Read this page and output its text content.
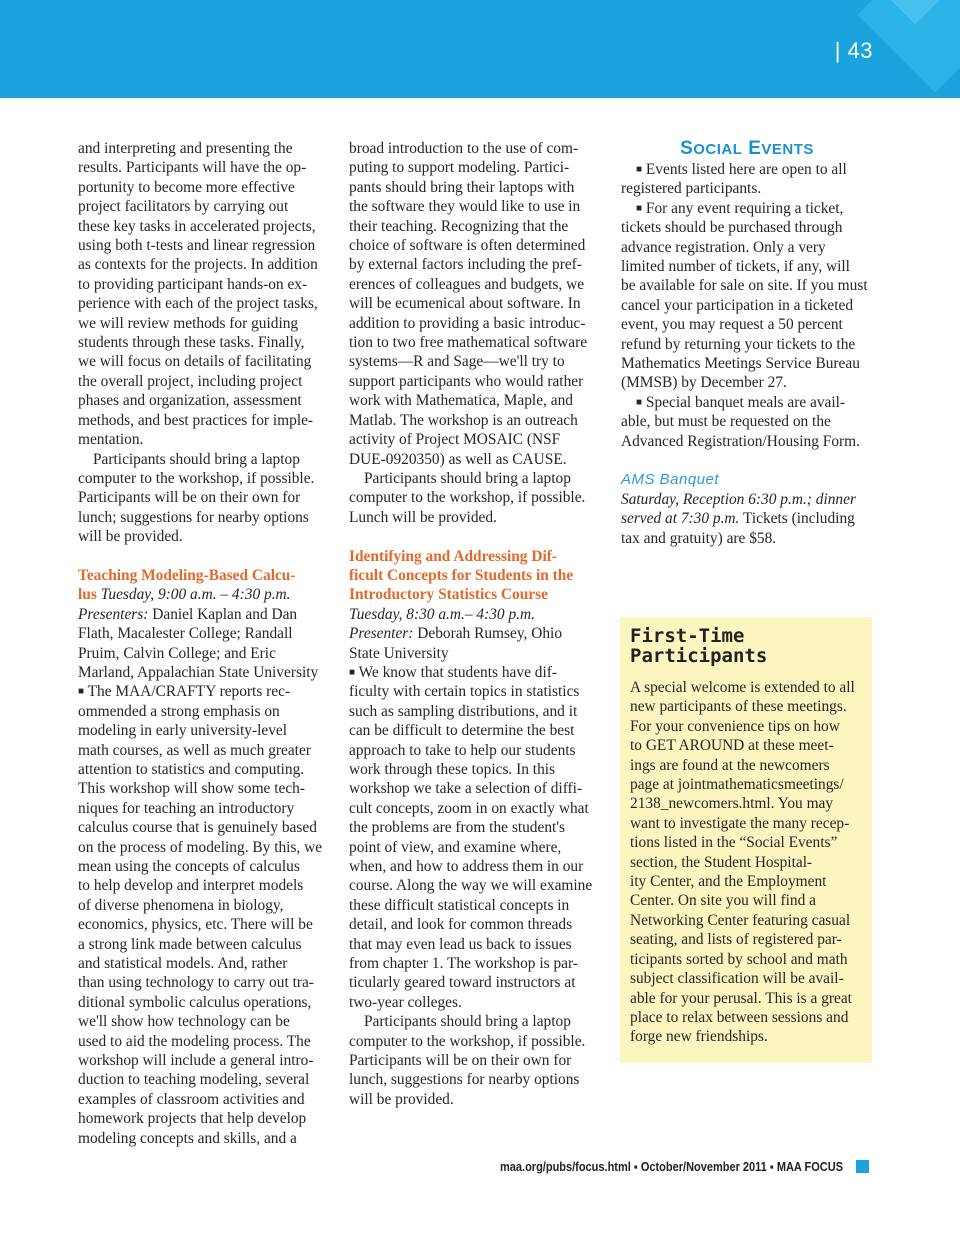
| 43

and interpreting and presenting the

results. Participants will have the op-

portunity to become more effective

project facilitators by carrying out

these key tasks in accelerated projects,

using both t-tests and linear regression

as contexts for the projects. In addition

to providing participant hands-on ex-

perience with each of the project tasks,

we will review methods for guiding

students through these tasks. Finally,

we will focus on details of facilitating

the overall project, including project

phases and organization, assessment

methods, and best practices for imple-

mentation.

Participants should bring a laptop

computer to the workshop, if possible.

Participants will be on their own for

lunch; suggestions for nearby options

will be provided.

Teaching Modeling-Based Calcu-

lus Tuesday, 9:00 a.m. – 4:30 p.m.

Presenters: Daniel Kaplan and Dan

Flath, Macalester College; Randall

Pruim, Calvin College; and Eric

Marland, Appalachian State University

■ The MAA/CRAFTY reports rec-

ommended a strong emphasis on

modeling in early university-level

math courses, as well as much greater

attention to statistics and computing.

This workshop will show some tech-

niques for teaching an introductory

calculus course that is genuinely based

on the process of modeling. By this, we

mean using the concepts of calculus

to help develop and interpret models

of diverse phenomena in biology,

economics, physics, etc. There will be

a strong link made between calculus

and statistical models. And, rather

than using technology to carry out tra-

ditional symbolic calculus operations,

we'll show how technology can be

used to aid the modeling process. The

workshop will include a general intro-

duction to teaching modeling, several

examples of classroom activities and

homework projects that help develop

modeling concepts and skills, and a

broad introduction to the use of com-

puting to support modeling. Partici-

pants should bring their laptops with

the software they would like to use in

their teaching. Recognizing that the

choice of software is often determined

by external factors including the pref-

erences of colleagues and budgets, we

will be ecumenical about software. In

addition to providing a basic introduc-

tion to two free mathematical software

systems—R and Sage—we'll try to

support participants who would rather

work with Mathematica, Maple, and

Matlab. The workshop is an outreach

activity of Project MOSAIC (NSF

DUE-0920350) as well as CAUSE.

Participants should bring a laptop

computer to the workshop, if possible.

Lunch will be provided.

Identifying and Addressing Dif-

ficult Concepts for Students in the

Introductory Statistics Course

Tuesday, 8:30 a.m.– 4:30 p.m.

Presenter: Deborah Rumsey, Ohio

State University

■ We know that students have dif-

ficulty with certain topics in statistics

such as sampling distributions, and it

can be difficult to determine the best

approach to take to help our students

work through these topics. In this

workshop we take a selection of diffi-

cult concepts, zoom in on exactly what

the problems are from the student's

point of view, and examine where,

when, and how to address them in our

course. Along the way we will examine

these difficult statistical concepts in

detail, and look for common threads

that may even lead us back to issues

from chapter 1. The workshop is par-

ticularly geared toward instructors at

two-year colleges.

Participants should bring a laptop

computer to the workshop, if possible.

Participants will be on their own for

lunch, suggestions for nearby options

will be provided.

SOCIAL EVENTS

■ Events listed here are open to all

registered participants.

■ For any event requiring a ticket,

tickets should be purchased through

advance registration. Only a very

limited number of tickets, if any, will

be available for sale on site. If you must

cancel your participation in a ticketed

event, you may request a 50 percent

refund by returning your tickets to the

Mathematics Meetings Service Bureau

(MMSB) by December 27.

■ Special banquet meals are avail-

able, but must be requested on the

Advanced Registration/Housing Form.

AMS Banquet

Saturday, Reception 6:30 p.m.; dinner

served at 7:30 p.m. Tickets (including

tax and gratuity) are $58.

First-Time
Participants
A special welcome is extended to all
new participants of these meetings.
For your convenience tips on how
to GET AROUND at these meet-
ings are found at the newcomers
page at jointmathematicsmeetings/
2138_newcomers.html. You may
want to investigate the many recep-
tions listed in the “Social Events”
section, the Student Hospital-
ity Center, and the Employment
Center. On site you will find a
Networking Center featuring casual
seating, and lists of registered par-
ticipants sorted by school and math
subject classification will be avail-
able for your perusal. This is a great
place to relax between sessions and
forge new friendships.
maa.org/pubs/focus.html ▪ October/November 2011 ▪ MAA FOCUS
